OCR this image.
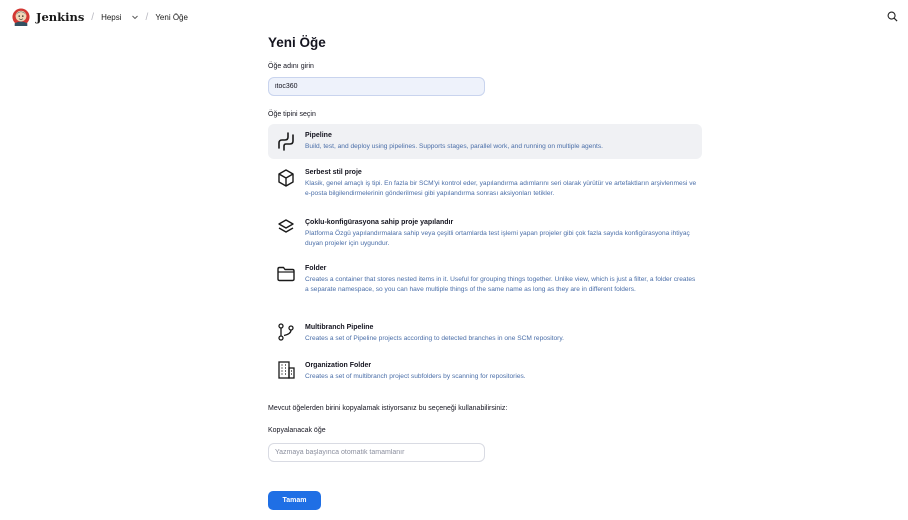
Jenkins / Hepsi / Yeni Öğe
Yeni Öğe
Öğe adını girin
itoc360
Öğe tipini seçin
Pipeline
Build, test, and deploy using pipelines. Supports stages, parallel work, and running on multiple agents.
Serbest stil proje
Klasik, genel amaçlı iş tipi. En fazla bir SCM'yi kontrol eder, yapılandırma adımlarını seri olarak yürütür ve artefaktların arşivlenmesi ve e-posta bilgilendirmelerinin gönderilmesi gibi yapılandırma sonrası aksiyonları tetikler.
Çoklu-konfigürasyona sahip proje yapılandır
Platforma Özgü yapılandırmalara sahip veya çeşitli ortamlarda test işlemi yapan projeler gibi çok fazla sayıda konfigürasyona ihtiyaç duyan projeler için uygundur.
Folder
Creates a container that stores nested items in it. Useful for grouping things together. Unlike view, which is just a filter, a folder creates a separate namespace, so you can have multiple things of the same name as long as they are in different folders.
Multibranch Pipeline
Creates a set of Pipeline projects according to detected branches in one SCM repository.
Organization Folder
Creates a set of multibranch project subfolders by scanning for repositories.
Mevcut öğelerden birini kopyalamak istiyorsanız bu seçeneği kullanabilirsiniz:
Kopyalanacak öğe
Yazmaya başlayınca otomatik tamamlanır
Tamam
